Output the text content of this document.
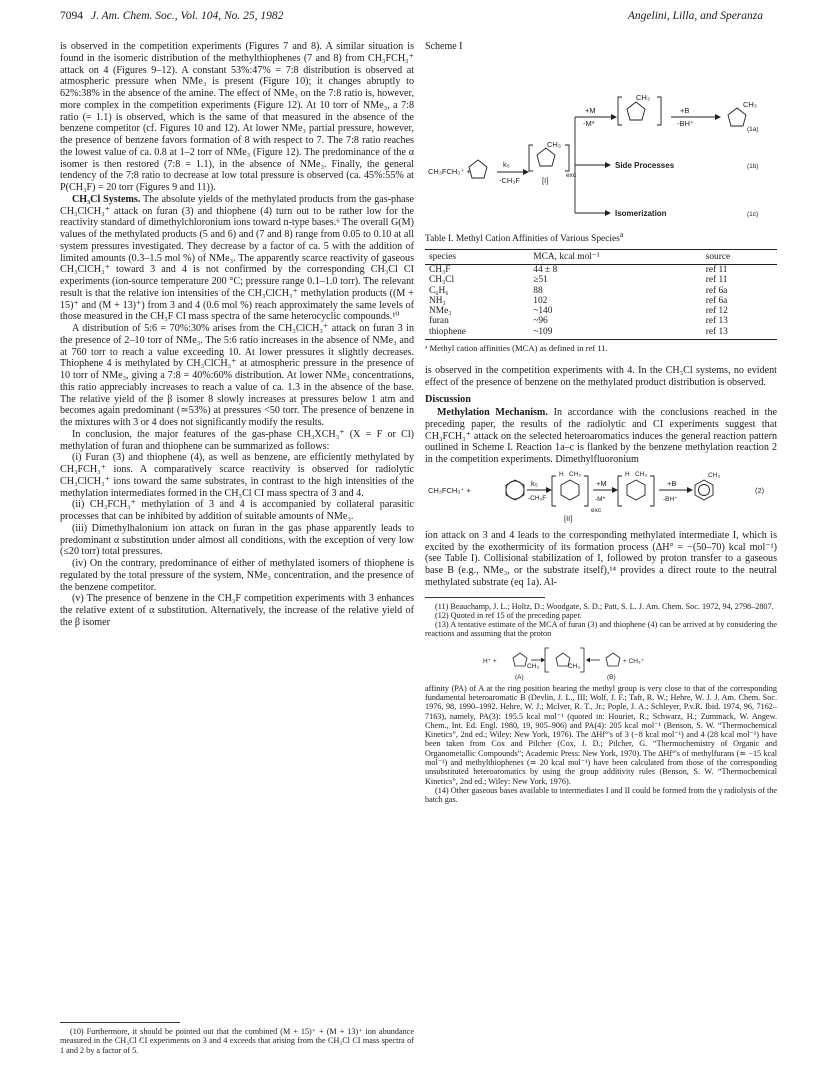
7094 J. Am. Chem. Soc., Vol. 104, No. 25, 1982	Angelini, Lilla, and Speranza

is observed in the competition experiments (Figures 7 and 8). A similar situation is found in the isomeric distribution of the methylthiophenes (7 and 8) from CH₃FCH₃⁺ attack on 4 (Figures 9–12). A constant 53%:47% = 7:8 distribution is observed at atmospheric pressure when NMe₃ is present (Figure 10); it changes abruptly to 62%:38% in the absence of the amine. The effect of NMe₃ on the 7:8 ratio is, however, more complex in the competition experiments (Figure 12). At 10 torr of NMe₃, a 7:8 ratio (= 1.1) is observed, which is the same of that measured in the absence of the benzene competitor (cf. Figures 10 and 12). At lower NMe₃ partial pressure, however, the presence of benzene favors formation of 8 with respect to 7. The 7:8 ratio reaches the lowest value of ca. 0.8 at 1–2 torr of NMe₃ (Figure 12). The predominance of the α isomer is then restored (7:8 = 1.1), in the absence of NMe₃. Finally, the general tendency of the 7:8 ratio to decrease at low total pressure is observed (ca. 45%:55% at P(CH₃F) = 20 torr (Figures 9 and 11)).

CH₃Cl Systems. The absolute yields of the methylated products from the gas-phase CH₃ClCH₃⁺ attack on furan (3) and thiophene (4) turn out to be rather low for the reactivity standard of dimethylchloronium ions toward n-type bases.⁶ The overall G(M) values of the methylated products (5 and 6) and (7 and 8) range from 0.05 to 0.10 at all system pressures investigated. They decrease by a factor of ca. 5 with the addition of limited amounts (0.3–1.5 mol %) of NMe₃. The apparently scarce reactivity of gaseous CH₃ClCH₃⁺ toward 3 and 4 is not confirmed by the corresponding CH₃Cl CI experiments (ion-source temperature 200 °C; pressure range 0.1–1.0 torr). The relevant result is that the relative ion intensities of the CH₃ClCH₃⁺ methylation products ((M + 15)⁺ and (M + 13)⁺) from 3 and 4 (0.6 mol %) reach approximately the same levels of those measured in the CH₃F CI mass spectra of the same heterocyclic compounds.¹⁰

A distribution of 5:6 = 70%:30% arises from the CH₃ClCH₃⁺ attack on furan 3 in the presence of 2–10 torr of NMe₃. The 5:6 ratio increases in the absence of NMe₃ and at 760 torr to reach a value exceeding 10. At lower pressures it slightly decreases. Thiophene 4 is methylated by CH₃ClCH₃⁺ at atmospheric pressure in the presence of 10 torr of NMe₃, giving a 7:8 = 40%:60% distribution. At lower NMe₃ concentrations, this ratio appreciably increases to reach a value of ca. 1.3 in the absence of the base. The relative yield of the β isomer 8 slowly increases at pressures below 1 atm and becomes again predominant (≃53%) at pressures <50 torr. The presence of benzene in the mixtures with 3 or 4 does not significantly modify the results.

In conclusion, the major features of the gas-phase CH₃XCH₃⁺ (X = F or Cl) methylation of furan and thiophene can be summarized as follows:

(i) Furan (3) and thiophene (4), as well as benzene, are efficiently methylated by CH₃FCH₃⁺ ions. A comparatively scarce reactivity is observed for radiolytic CH₃ClCH₃⁺ ions toward the same substrates, in contrast to the high intensities of the methylation intermediates formed in the CH₃Cl CI mass spectra of 3 and 4.

(ii) CH₃FCH₃⁺ methylation of 3 and 4 is accompanied by collateral parasitic processes that can be inhibited by addition of suitable amounts of NMe₃.

(iii) Dimethylhalonium ion attack on furan in the gas phase apparently leads to predominant α substitution under almost all conditions, with the exception of very low (≤20 torr) total pressures.

(iv) On the contrary, predominance of either of methylated isomers of thiophene is regulated by the total pressure of the system, NMe₃ concentration, and the presence of the benzene competitor.

(v) The presence of benzene in the CH₃F competition experiments with 3 enhances the relative extent of α substitution. Alternatively, the increase of the relative yield of the β isomer

(10) Furthermore, it should be pointed out that the combined (M + 15)⁺ + (M + 13)⁺ ion abundance measured in the CH₃Cl CI experiments on 3 and 4 exceeds that arising from the CH₃Cl CI mass spectra of 1 and 2 by a factor of 5.

Scheme I
CH₃FCH₃⁺ +
k₅
-CH₃F
CH₃
exc
[I]
+M
-M*
CH₃
+B
-BH⁺
CH₃
(1a)
Side Processes	(1b)
Isomerization	(1c)
Table I. Methyl Cation Affinities of Various Species$^a$
species	MCA, kcal mol⁻¹	source
CH₃F	44 ± 8	ref 11
CH₃Cl	≥51	ref 11
C₆H₆	88	ref 6a
NH₃	102	ref 6a
NMe₃	~140	ref 12
furan	~96	ref 13
thiophene	~109	ref 13
ᵃ Methyl cation affinities (MCA) as defined in ref 11.

is observed in the competition experiments with 4. In the CH₃Cl systems, no evident effect of the presence of benzene on the methylated product distribution is observed.

Discussion

Methylation Mechanism. In accordance with the conclusions reached in the preceding paper, the results of the radiolytic and CI experiments suggest that CH₃FCH₃⁺ attack on the selected heteroaromatics induces the general reaction pattern outlined in Scheme I. Reaction 1a–c is flanked by the benzene methylation reaction 2 in the competition experiments. Dimethylfluoronium

CH₃FCH₃⁺ +
k₅
-CH₃F
H CH₃
+M
-M*
exc
H CH₃
+B
-BH⁺
CH₃
[II]
(2)

ion attack on 3 and 4 leads to the corresponding methylated intermediate I, which is excited by the exothermicity of its formation process (ΔH° = −(50–70) kcal mol⁻¹) (see Table I). Collisional stabilization of I, followed by proton transfer to a gaseous base B (e.g., NMe₃, or the substrate itself),¹⁴ provides a direct route to the neutral methylated substrate (eq 1a). Al-

(11) Beauchamp, J. L.; Holtz, D.; Woodgate, S. D.; Patt, S. L. J. Am. Chem. Soc. 1972, 94, 2798–2807.

(12) Quoted in ref 15 of the preceding paper.

(13) A tentative estimate of the MCA of furan (3) and thiophene (4) can be arrived at by considering the reactions and assuming that the proton

H⁺ +
CH₃	CH₃
+ CH₃⁺
(A)	(B)

affinity (PA) of A at the ring position bearing the methyl group is very close to that of the corresponding fundamental heteroaromatic B (Devlin, J. L., III; Wolf, J. F.; Taft, R. W.; Hehre, W. J. J. Am. Chem. Soc. 1976, 98, 1990–1992. Hehre, W. J.; McIver, R. T., Jr.; Pople, J. A.; Schleyer, P.v.R. Ibid. 1974, 96, 7162–7163), namely, PA(3): 195.5 kcal mol⁻¹ (quoted in: Houriet, R.; Schwarz, H.; Zummack, W. Angew. Chem., Int. Ed. Engl. 1980, 19, 905–906) and PA(4): 205 kcal mol⁻¹ (Benson, S. W. “Thermochemical Kinetics”, 2nd ed.; Wiley: New York, 1976). The ΔHf°'s of 3 (−8 kcal mol⁻¹) and 4 (28 kcal mol⁻¹) have been taken from Cox and Pilcher (Cox, J. D.; Pilcher, G. “Thermochemistry of Organic and Organometallic Compounds”; Academic Press: New York, 1970). The ΔHf°'s of methylfurans (≃ −15 kcal mol⁻¹) and methylthiophenes (≃ 20 kcal mol⁻¹) have been calculated from those of the corresponding unsubstituted heteroaromatics by using the group additivity rules (Benson, S. W. “Thermochemical Kinetics”, 2nd ed.; Wiley: New York, 1976).

(14) Other gaseous bases available to intermediates I and II could be formed from the γ radiolysis of the batch gas.
